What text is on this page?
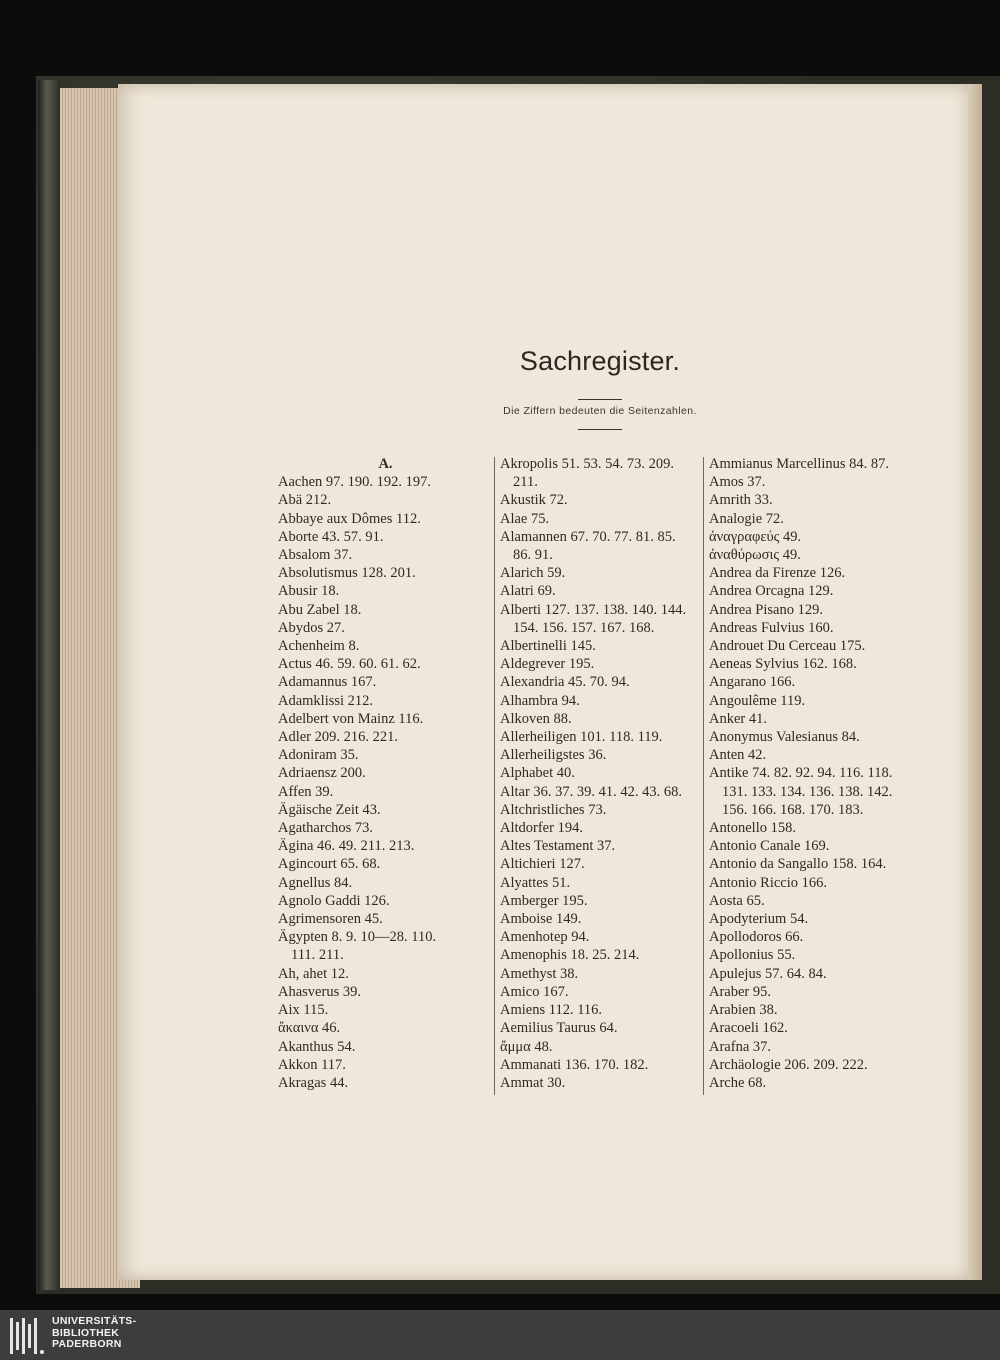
Sachregister.
Die Ziffern bedeuten die Seitenzahlen.
A.
Aachen 97. 190. 192. 197.
Abä 212.
Abbaye aux Dômes 112.
Aborte 43. 57. 91.
Absalom 37.
Absolutismus 128. 201.
Abusir 18.
Abu Zabel 18.
Abydos 27.
Achenheim 8.
Actus 46. 59. 60. 61. 62.
Adamannus 167.
Adamklissi 212.
Adelbert von Mainz 116.
Adler 209. 216. 221.
Adoniram 35.
Adriaensz 200.
Affen 39.
Ägäische Zeit 43.
Agatharchos 73.
Ägina 46. 49. 211. 213.
Agincourt 65. 68.
Agnellus 84.
Agnolo Gaddi 126.
Agrimensoren 45.
Ägypten 8. 9. 10—28. 110.
111. 211.
Ah, ahet 12.
Ahasverus 39.
Aix 115.
ἄκαινα 46.
Akanthus 54.
Akkon 117.
Akragas 44.
Akropolis 51. 53. 54. 73. 209.
211.
Akustik 72.
Alae 75.
Alamannen 67. 70. 77. 81. 85.
86. 91.
Alarich 59.
Alatri 69.
Alberti 127. 137. 138. 140. 144.
154. 156. 157. 167. 168.
Albertinelli 145.
Aldegrever 195.
Alexandria 45. 70. 94.
Alhambra 94.
Alkoven 88.
Allerheiligen 101. 118. 119.
Allerheiligstes 36.
Alphabet 40.
Altar 36. 37. 39. 41. 42. 43. 68.
Altchristliches 73.
Altdorfer 194.
Altes Testament 37.
Altichieri 127.
Alyattes 51.
Amberger 195.
Amboise 149.
Amenhotep 94.
Amenophis 18. 25. 214.
Amethyst 38.
Amico 167.
Amiens 112. 116.
Aemilius Taurus 64.
ἄμμα 48.
Ammanati 136. 170. 182.
Ammat 30.
Ammianus Marcellinus 84. 87.
Amos 37.
Amrith 33.
Analogie 72.
ἀναγραφεύς 49.
ἀναθύρωσις 49.
Andrea da Firenze 126.
Andrea Orcagna 129.
Andrea Pisano 129.
Andreas Fulvius 160.
Androuet Du Cerceau 175.
Aeneas Sylvius 162. 168.
Angarano 166.
Angoulême 119.
Anker 41.
Anonymus Valesianus 84.
Anten 42.
Antike 74. 82. 92. 94. 116. 118.
131. 133. 134. 136. 138. 142.
156. 166. 168. 170. 183.
Antonello 158.
Antonio Canale 169.
Antonio da Sangallo 158. 164.
Antonio Riccio 166.
Aosta 65.
Apodyterium 54.
Apollodoros 66.
Apollonius 55.
Apulejus 57. 64. 84.
Araber 95.
Arabien 38.
Aracoeli 162.
Arafna 37.
Archäologie 206. 209. 222.
Arche 68.
UNIVERSITÄTS-
BIBLIOTHEK
PADERBORN
